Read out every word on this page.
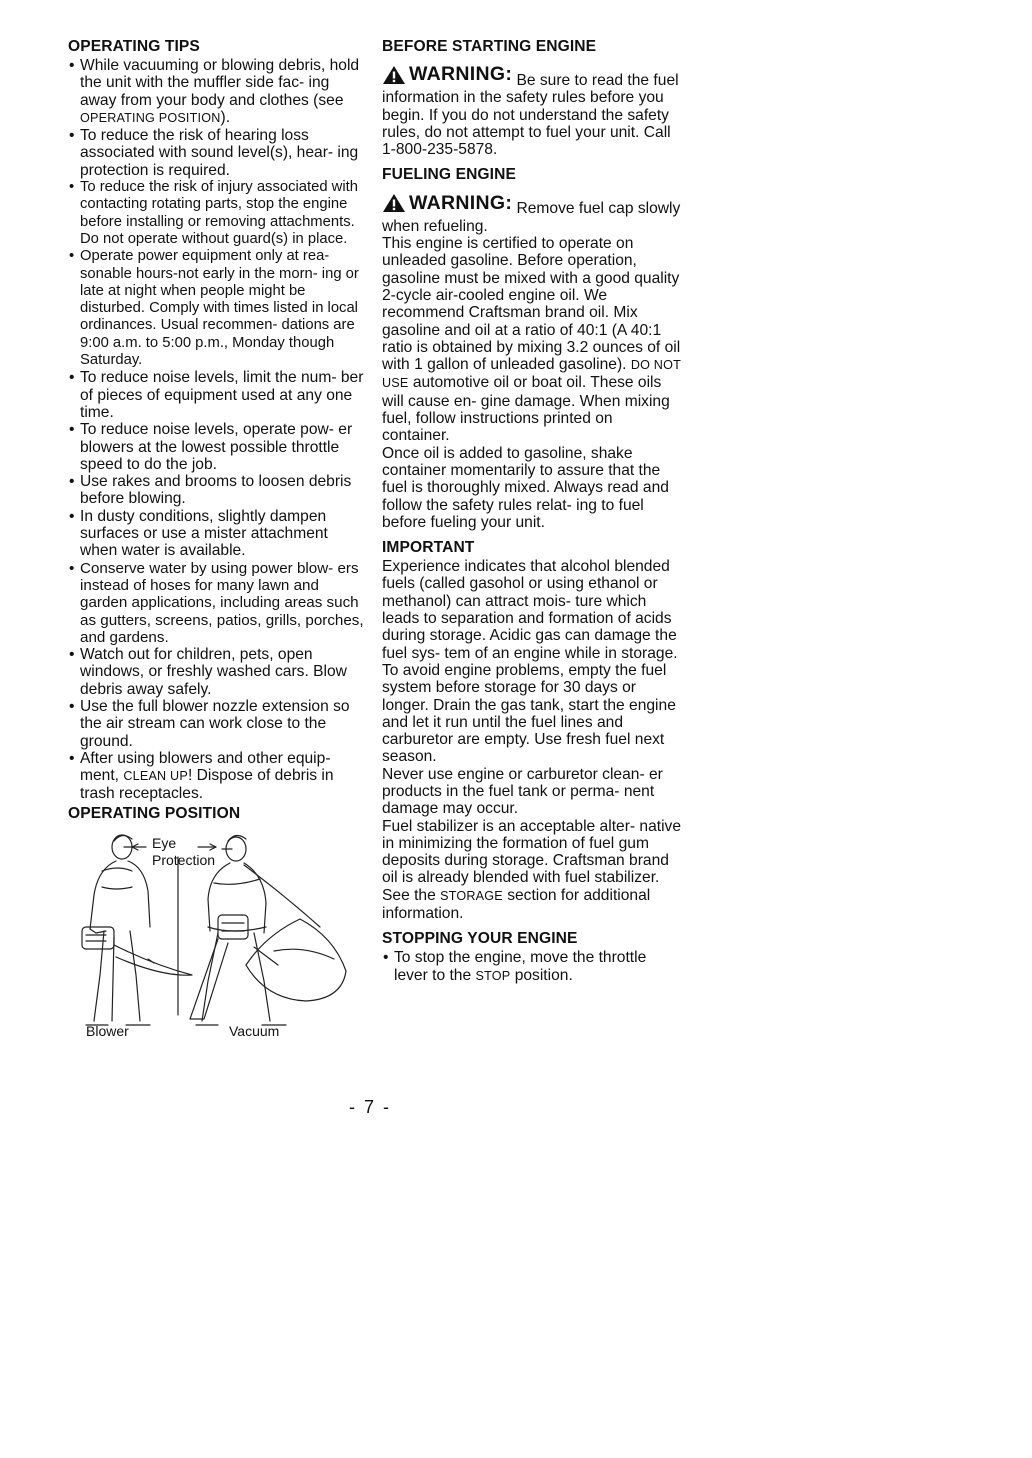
OPERATING TIPS
• While vacuuming or blowing debris, hold the unit with the muffler side fac- ing away from your body and clothes (see OPERATING POSITION).
• To reduce the risk of hearing loss associated with sound level(s), hear- ing protection is required.
• To reduce the risk of injury associated with contacting rotating parts, stop the engine before installing or removing attachments. Do not operate without guard(s) in place.
• Operate power equipment only at rea- sonable hours-not early in the morn- ing or late at night when people might be disturbed. Comply with times listed in local ordinances. Usual recommen- dations are 9:00 a.m. to 5:00 p.m., Monday though Saturday.
• To reduce noise levels, limit the num- ber of pieces of equipment used at any one time.
• To reduce noise levels, operate pow- er blowers at the lowest possible throttle speed to do the job.
• Use rakes and brooms to loosen debris before blowing.
• In dusty conditions, slightly dampen surfaces or use a mister attachment when water is available.
• Conserve water by using power blow- ers instead of hoses for many lawn and garden applications, including areas such as gutters, screens, patios, grills, porches, and gardens.
• Watch out for children, pets, open windows, or freshly washed cars. Blow debris away safely.
• Use the full blower nozzle extension so the air stream can work close to the ground.
• After using blowers and other equip- ment, CLEAN UP! Dispose of debris in trash receptacles.
OPERATING POSITION
Eye
Protection
Blower	Vacuum
BEFORE STARTING ENGINE

WARNING: Be sure to read the fuel information in the safety rules before you begin. If you do not understand the safety rules, do not attempt to fuel your unit. Call 1-800-235-5878.

FUELING ENGINE

WARNING: Remove fuel cap slowly when refueling.

This engine is certified to operate on unleaded gasoline. Before operation, gasoline must be mixed with a good quality 2-cycle air-cooled engine oil. We recommend Craftsman brand oil. Mix gasoline and oil at a ratio of 40:1 (A 40:1 ratio is obtained by mixing 3.2 ounces of oil with 1 gallon of unleaded gasoline). DO NOT USE automotive oil or boat oil. These oils will cause en- gine damage. When mixing fuel, follow instructions printed on container.

Once oil is added to gasoline, shake container momentarily to assure that the fuel is thoroughly mixed. Always read and follow the safety rules relat- ing to fuel before fueling your unit.

IMPORTANT

Experience indicates that alcohol blended fuels (called gasohol or using ethanol or methanol) can attract mois- ture which leads to separation and formation of acids during storage. Acidic gas can damage the fuel sys- tem of an engine while in storage.

To avoid engine problems, empty the fuel system before storage for 30 days or longer. Drain the gas tank, start the engine and let it run until the fuel lines and carburetor are empty. Use fresh fuel next season.

Never use engine or carburetor clean- er products in the fuel tank or perma- nent damage may occur.

Fuel stabilizer is an acceptable alter- native in minimizing the formation of fuel gum deposits during storage. Craftsman brand oil is already blended with fuel stabilizer. See the STORAGE section for additional information.

STOPPING YOUR ENGINE
• To stop the engine, move the throttle lever to the STOP position.
- 7 -
